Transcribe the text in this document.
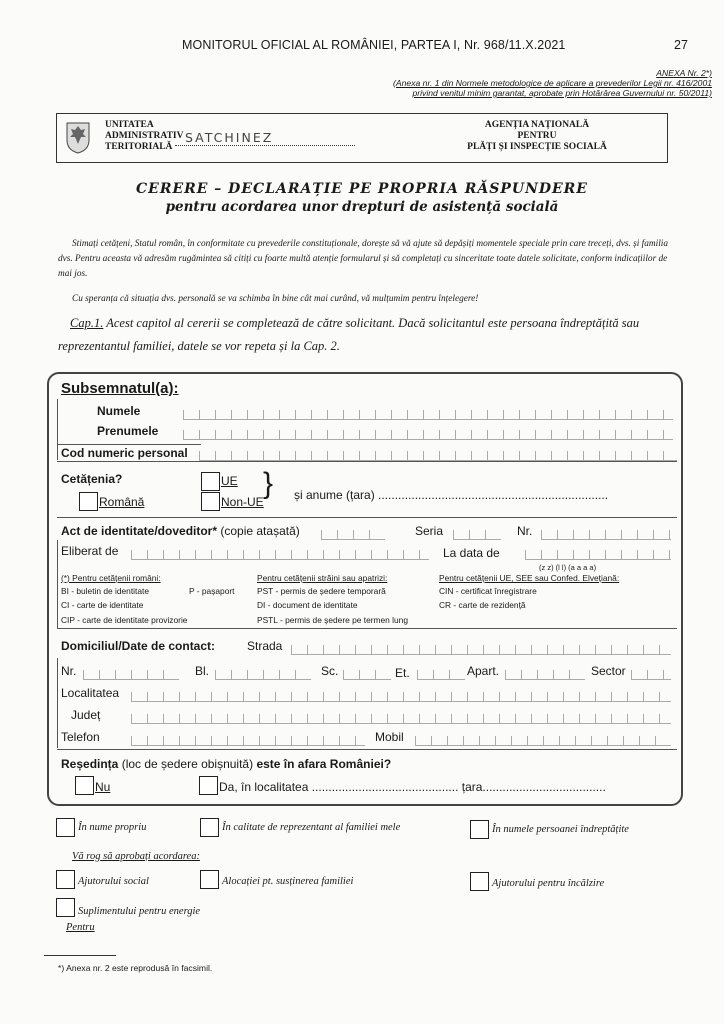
MONITORUL OFICIAL AL ROMÂNIEI, PARTEA I, Nr. 968/11.X.2021	27
ANEXA Nr. 2*)
(Anexa nr. 1 din Normele metodologice de aplicare a prevederilor Legii nr. 416/2001
privind venitul minim garantat, aprobate prin Hotărârea Guvernului nr. 50/2011)
UNITATEA
ADMINISTRATIV
TERITORIALĂ
SATCHINEZ
AGENȚIA NAȚIONALĂ
PENTRU
PLĂȚI ȘI INSPECȚIE SOCIALĂ
CERERE – DECLARAȚIE PE PROPRIA RĂSPUNDERE
pentru acordarea unor drepturi de asistență socială
Stimați cetățeni, Statul român, în conformitate cu prevederile constituționale, dorește să vă ajute să depășiți momentele speciale prin care treceți, dvs. și familia dvs. Pentru aceasta vă adresăm rugămintea să citiți cu foarte multă atenție formularul și să completați cu sinceritate toate datele solicitate, conform indicațiilor de mai jos.
Cu speranța că situația dvs. personală se va schimba în bine cât mai curând, vă mulțumim pentru înțelegere!
Cap.1. Acest capitol al cererii se completează de către solicitant. Dacă solicitantul este persoana îndreptățită sau reprezentantul familiei, datele se vor repeta și la Cap. 2.
Subsemnatul(a):
Numele
Prenumele
Cod numeric personal
Cetățenia?
Română
UE
Non-UE
} și anume (țara) .....................................................................
Act de identitate/doveditor* (copie atașată)	Seria	Nr.
Eliberat de	La data de
(z z) (l l) (a a a a)
(*) Pentru cetățenii români:
BI - buletin de identitate	P - pașaport
CI - carte de identitate
CIP - carte de identitate provizorie
Pentru cetățenii străini sau apatrizi:
PST - permis de ședere temporară
DI - document de identitate
PSTL - permis de ședere pe termen lung
Pentru cetățenii UE, SEE sau Confed. Elvețiană:
CIN - certificat înregistrare
CR - carte de rezidență
Domiciliul/Date de contact:	Strada
Nr.	Bl.	Sc.	Et.	Apart.	Sector
Localitatea
Județ
Telefon	Mobil
Reședința (loc de ședere obișnuită) este în afara României?
Nu	Da, în localitatea ............................................ țara.....................................
În nume propriu	În calitate de reprezentant al familiei mele	În numele persoanei îndreptățite
Vă rog să aprobați acordarea:
Ajutorului social	Alocației pt. susținerea familiei	Ajutorului pentru încălzire
Suplimentului pentru energie
Pentru
*) Anexa nr. 2 este reprodusă în facsimil.
